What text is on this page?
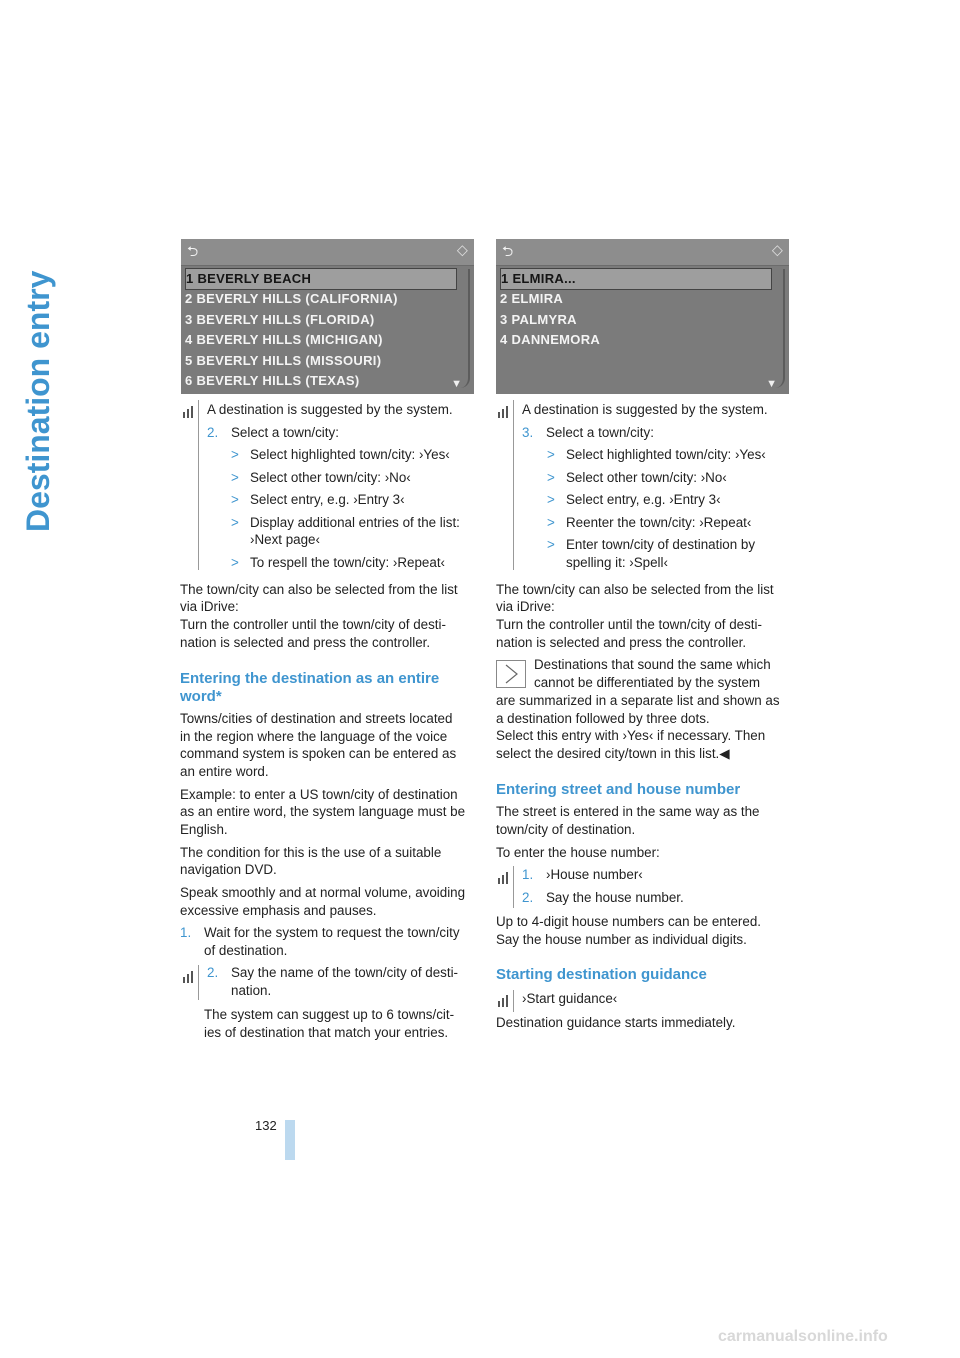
Destination entry
⮌	⬦
1 BEVERLY BEACH
2 BEVERLY HILLS (CALIFORNIA)
3 BEVERLY HILLS (FLORIDA)
4 BEVERLY HILLS (MICHIGAN)
5 BEVERLY HILLS (MISSOURI)
6 BEVERLY HILLS (TEXAS)	▼
⮌	⬦
1 ELMIRA...
2 ELMIRA
3 PALMYRA
4 DANNEMORA
▼
A destination is suggested by the system.
2. Select a town/city:
> Select highlighted town/city: ›Yes‹
> Select other town/city: ›No‹
> Select entry, e.g. ›Entry 3‹
> Display additional entries of the list:
›Next page‹
> To respell the town/city: ›Repeat‹
The town/city can also be selected from the list
via iDrive:
Turn the controller until the town/city of desti-
nation is selected and press the controller.
Entering the destination as an entire
word*
Towns/cities of destination and streets located
in the region where the language of the voice
command system is spoken can be entered as
an entire word.
Example: to enter a US town/city of destination
as an entire word, the system language must be
English.
The condition for this is the use of a suitable
navigation DVD.
Speak smoothly and at normal volume, avoiding
excessive emphasis and pauses.
1. Wait for the system to request the town/city
of destination.
2. Say the name of the town/city of desti-
nation.
The system can suggest up to 6 towns/cit-
ies of destination that match your entries.
A destination is suggested by the system.
3. Select a town/city:
> Select highlighted town/city: ›Yes‹
> Select other town/city: ›No‹
> Select entry, e.g. ›Entry 3‹
> Reenter the town/city: ›Repeat‹
> Enter town/city of destination by
spelling it: ›Spell‹
The town/city can also be selected from the list
via iDrive:
Turn the controller until the town/city of desti-
nation is selected and press the controller.
Destinations that sound the same which
cannot be differentiated by the system
are summarized in a separate list and shown as
a destination followed by three dots.
Select this entry with ›Yes‹ if necessary. Then
select the desired city/town in this list.◀
Entering street and house number
The street is entered in the same way as the
town/city of destination.
To enter the house number:
1. ›House number‹
2. Say the house number.
Up to 4-digit house numbers can be entered.
Say the house number as individual digits.
Starting destination guidance
›Start guidance‹
Destination guidance starts immediately.
132
carmanualsonline.info
